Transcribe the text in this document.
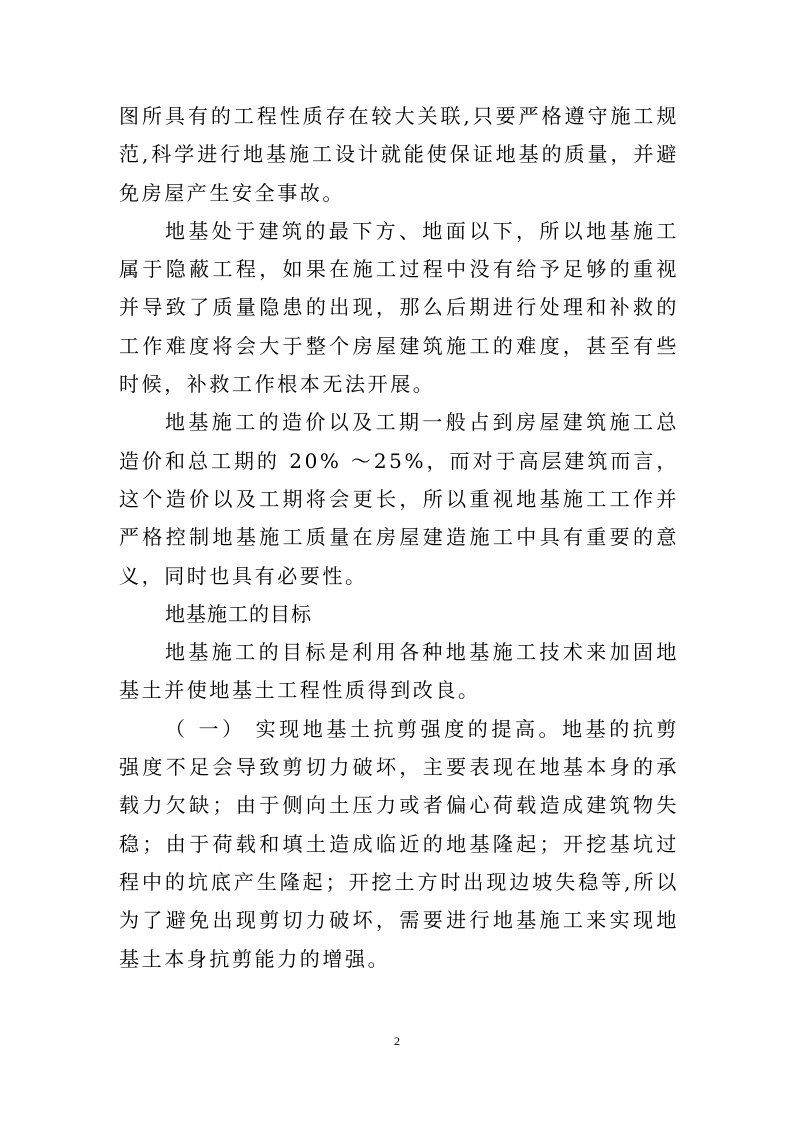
图所具有的工程性质存在较大关联,只要严格遵守施工规范,科学进行地基施工设计就能使保证地基的质量，并避免房屋产生安全事故。

地基处于建筑的最下方、地面以下，所以地基施工属于隐蔽工程，如果在施工过程中没有给予足够的重视并导致了质量隐患的出现，那么后期进行处理和补救的工作难度将会大于整个房屋建筑施工的难度，甚至有些时候，补救工作根本无法开展。

地基施工的造价以及工期一般占到房屋建筑施工总造价和总工期的 20% ～25%，而对于高层建筑而言，这个造价以及工期将会更长，所以重视地基施工工作并严格控制地基施工质量在房屋建造施工中具有重要的意义，同时也具有必要性。

地基施工的目标

地基施工的目标是利用各种地基施工技术来加固地基土并使地基土工程性质得到改良。

（ 一） 实现地基土抗剪强度的提高。地基的抗剪强度不足会导致剪切力破坏，主要表现在地基本身的承载力欠缺；由于侧向土压力或者偏心荷载造成建筑物失稳；由于荷载和填土造成临近的地基隆起；开挖基坑过程中的坑底产生隆起；开挖土方时出现边坡失稳等,所以为了避免出现剪切力破坏，需要进行地基施工来实现地基土本身抗剪能力的增强。

2
